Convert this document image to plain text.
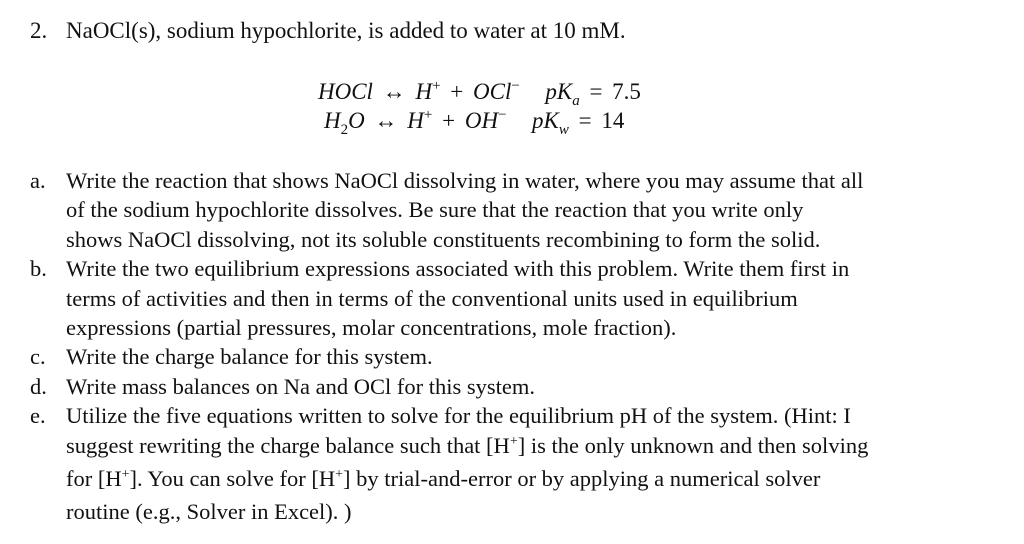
2. NaOCl(s), sodium hypochlorite, is added to water at 10 mM.
HOCl ↔ H+ + OCl− $pK_a = 7.5$
$H_2O$ ↔ H+ + OH− $pK_w = 14$
a. Write the reaction that shows NaOCl dissolving in water, where you may assume that all
of the sodium hypochlorite dissolves. Be sure that the reaction that you write only
shows NaOCl dissolving, not its soluble constituents recombining to form the solid.
b. Write the two equilibrium expressions associated with this problem. Write them first in
terms of activities and then in terms of the conventional units used in equilibrium
expressions (partial pressures, molar concentrations, mole fraction).
c. Write the charge balance for this system.
d. Write mass balances on Na and OCl for this system.
e. Utilize the five equations written to solve for the equilibrium pH of the system. (Hint: I
suggest rewriting the charge balance such that [H+] is the only unknown and then solving
for [H+]. You can solve for [H+] by trial-and-error or by applying a numerical solver
routine (e.g., Solver in Excel). )
